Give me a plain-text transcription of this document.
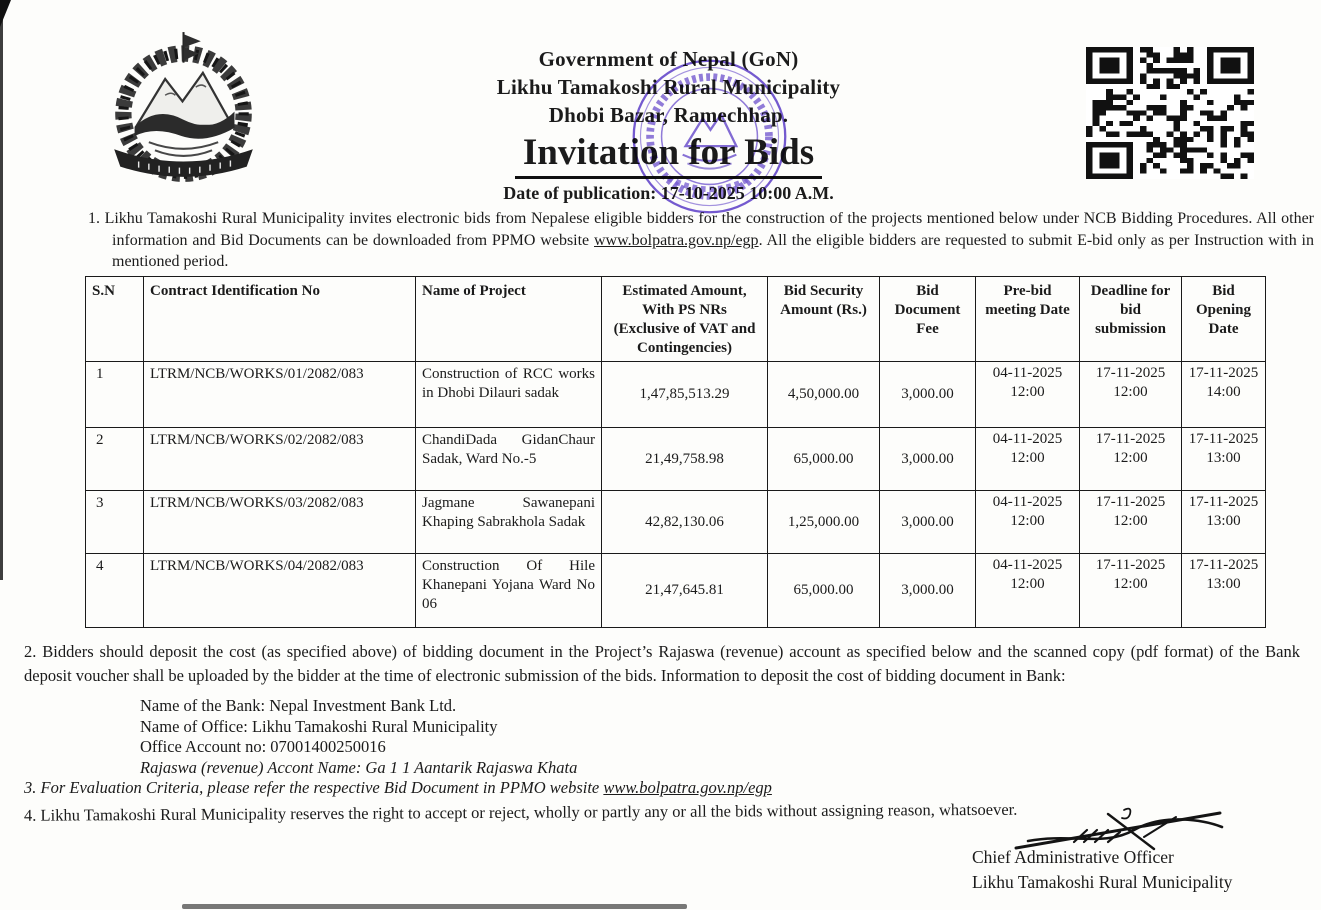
Government of Nepal (GoN)
Likhu Tamakoshi Rural Municipality
Dhobi Bazar, Ramechhap.
Invitation for Bids
Date of publication: 17-10-2025 10:00 A.M.
1. Likhu Tamakoshi Rural Municipality invites electronic bids from Nepalese eligible bidders for the construction of the projects mentioned below under NCB Bidding Procedures. All other information and Bid Documents can be downloaded from PPMO website www.bolpatra.gov.np/egp. All the eligible bidders are requested to submit E-bid only as per Instruction with in mentioned period.
S.N	Contract Identification No	Name of Project	Estimated Amount, With PS NRs (Exclusive of VAT and Contingencies)	Bid Security Amount (Rs.)	Bid Document Fee	Pre-bid meeting Date	Deadline for bid submission	Bid Opening Date
1	LTRM/NCB/WORKS/01/2082/083	Construction of RCC works in Dhobi Dilauri sadak	1,47,85,513.29	4,50,000.00	3,000.00	04-11-2025 12:00	17-11-2025 12:00	17-11-2025 14:00
2	LTRM/NCB/WORKS/02/2082/083	ChandiDada GidanChaur Sadak, Ward No.-5	21,49,758.98	65,000.00	3,000.00	04-11-2025 12:00	17-11-2025 12:00	17-11-2025 13:00
3	LTRM/NCB/WORKS/03/2082/083	Jagmane Sawanepani Khaping Sabrakhola Sadak	42,82,130.06	1,25,000.00	3,000.00	04-11-2025 12:00	17-11-2025 12:00	17-11-2025 13:00
4	LTRM/NCB/WORKS/04/2082/083	Construction Of Hile Khanepani Yojana Ward No 06	21,47,645.81	65,000.00	3,000.00	04-11-2025 12:00	17-11-2025 12:00	17-11-2025 13:00
2. Bidders should deposit the cost (as specified above) of bidding document in the Project’s Rajaswa (revenue) account as specified below and the scanned copy (pdf format) of the Bank deposit voucher shall be uploaded by the bidder at the time of electronic submission of the bids. Information to deposit the cost of bidding document in Bank:
Name of the Bank: Nepal Investment Bank Ltd.
Name of Office: Likhu Tamakoshi Rural Municipality
Office Account no: 07001400250016
Rajaswa (revenue) Accont Name: Ga 1 1 Aantarik Rajaswa Khata
3. For Evaluation Criteria, please refer the respective Bid Document in PPMO website www.bolpatra.gov.np/egp
4. Likhu Tamakoshi Rural Municipality reserves the right to accept or reject, wholly or partly any or all the bids without assigning reason, whatsoever.
Chief Administrative Officer
Likhu Tamakoshi Rural Municipality
